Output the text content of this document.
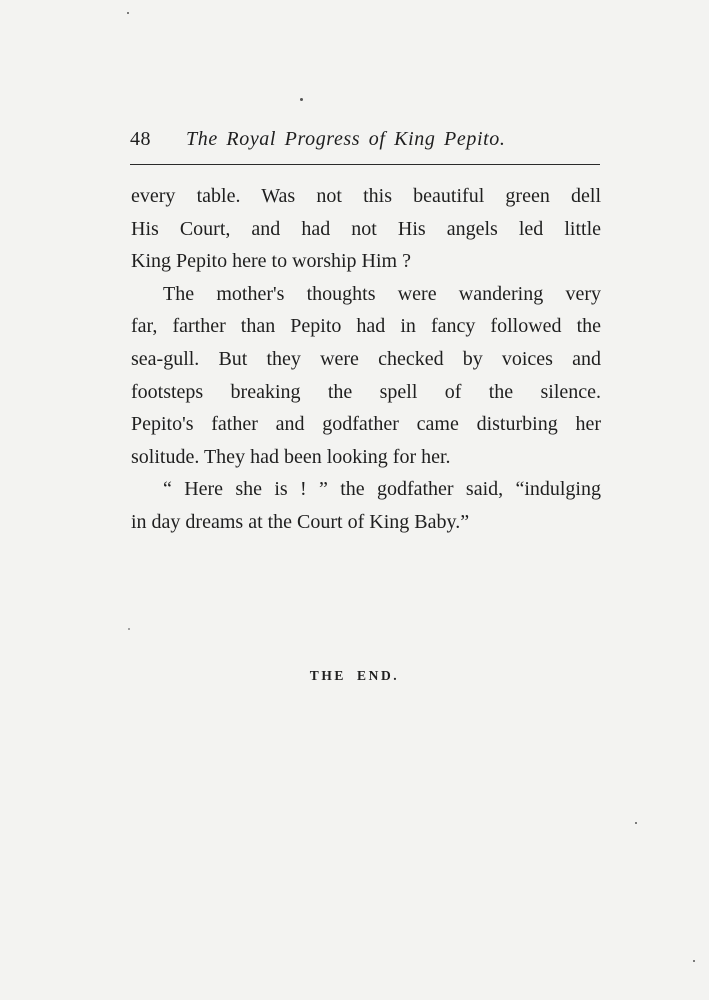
48 The Royal Progress of King Pepito.
every table. Was not this beautiful green dell
His Court, and had not His angels led little
King Pepito here to worship Him ?
The mother's thoughts were wandering very
far, farther than Pepito had in fancy followed the
sea-gull. But they were checked by voices and
footsteps breaking the spell of the silence.
Pepito's father and godfather came disturbing her
solitude. They had been looking for her.
“ Here she is ! ” the godfather said, “indulging
in day dreams at the Court of King Baby.”
THE END.
